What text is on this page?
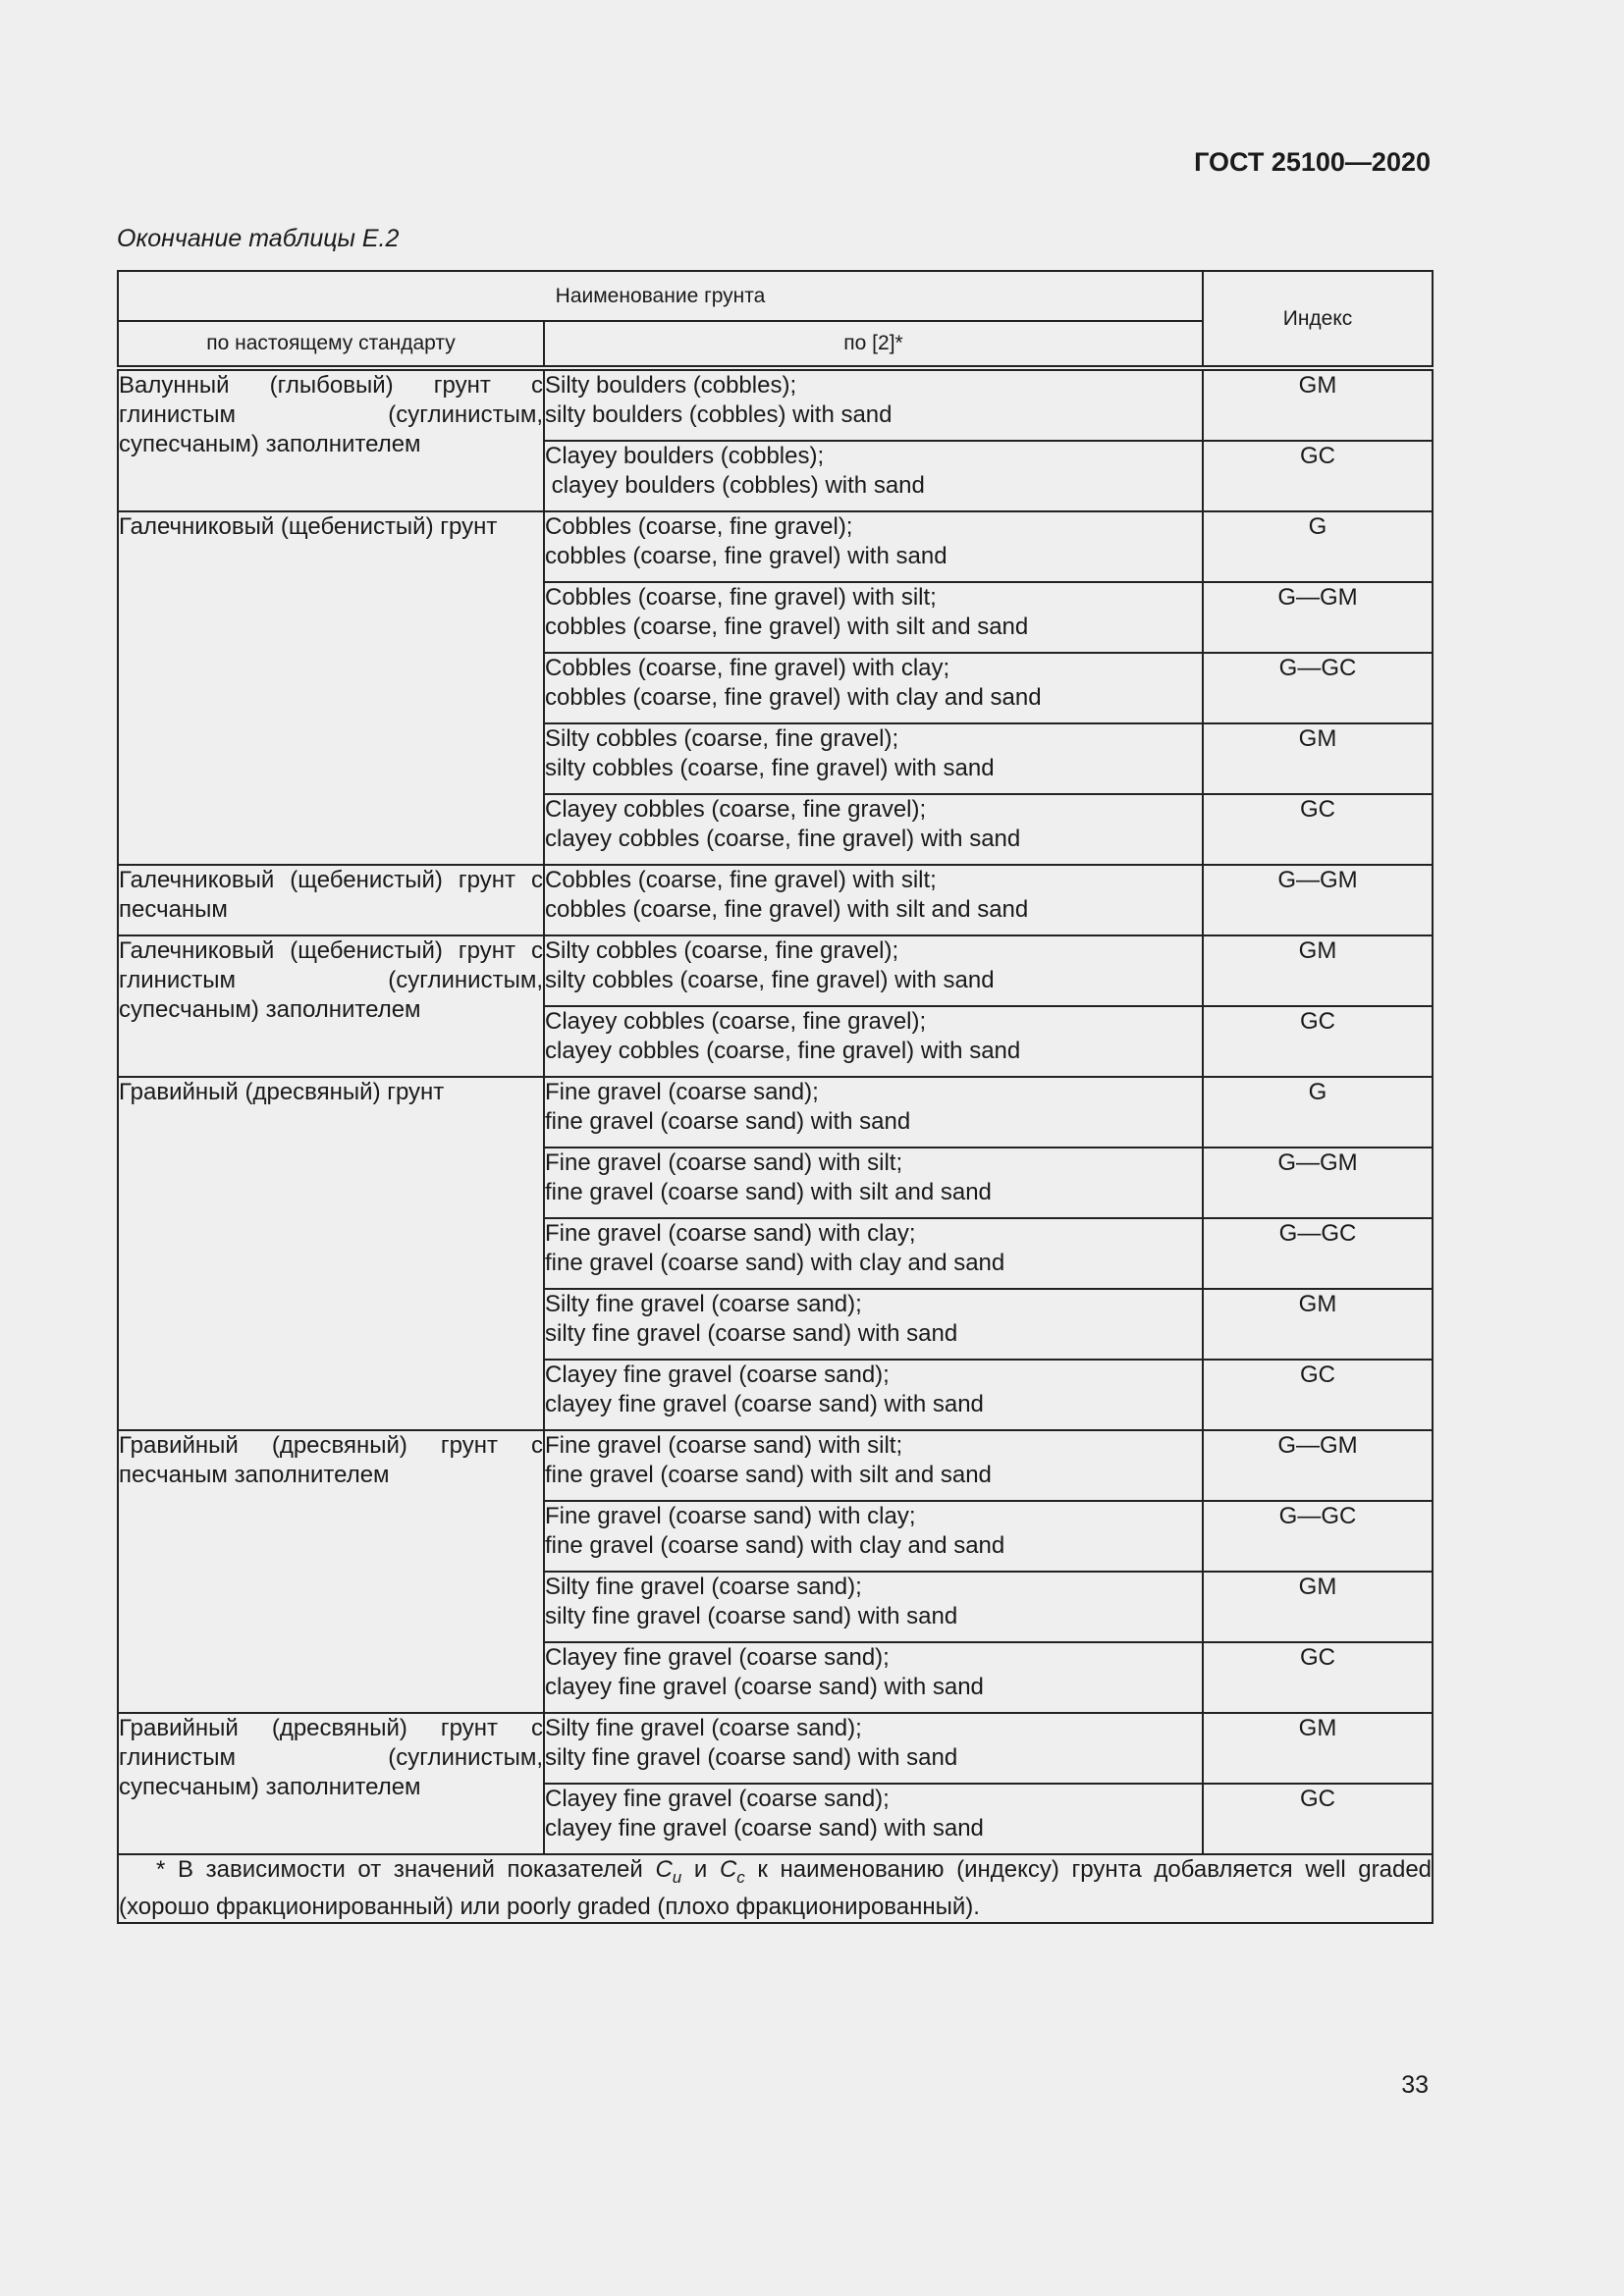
ГОСТ 25100—2020
Окончание таблицы Е.2
Наименование грунта		Индекс
по настоящему стандарту	по [2]*	
Валунный (глыбовый) грунт с глинистым (суглинистым, супесчаным) заполнителем	Silty boulders (cobbles);
silty boulders (cobbles) with sand	GM
	Clayey boulders (cobbles);
clayey boulders (cobbles) with sand	GC
Галечниковый (щебенистый) грунт	Cobbles (coarse, fine gravel);
cobbles (coarse, fine gravel) with sand	G
	Cobbles (coarse, fine gravel) with silt;
cobbles (coarse, fine gravel) with silt and sand	G—GM
	Cobbles (coarse, fine gravel) with clay;
cobbles (coarse, fine gravel) with clay and sand	G—GC
	Silty cobbles (coarse, fine gravel);
silty cobbles (coarse, fine gravel) with sand	GM
	Clayey cobbles (coarse, fine gravel);
clayey cobbles (coarse, fine gravel) with sand	GC
Галечниковый (щебенистый) грунт с песчаным	Cobbles (coarse, fine gravel) with silt;
cobbles (coarse, fine gravel) with silt and sand	G—GM
Галечниковый (щебенистый) грунт с глинистым (суглинистым, супесчаным) заполнителем	Silty cobbles (coarse, fine gravel);
silty cobbles (coarse, fine gravel) with sand	GM
	Clayey cobbles (coarse, fine gravel);
clayey cobbles (coarse, fine gravel) with sand	GC
Гравийный (дресвяный) грунт	Fine gravel (coarse sand);
fine gravel (coarse sand) with sand	G
	Fine gravel (coarse sand) with silt;
fine gravel (coarse sand) with silt and sand	G—GM
	Fine gravel (coarse sand) with clay;
fine gravel (coarse sand) with clay and sand	G—GC
	Silty fine gravel (coarse sand);
silty fine gravel (coarse sand) with sand	GM
	Clayey fine gravel (coarse sand);
clayey fine gravel (coarse sand) with sand	GC
Гравийный (дресвяный) грунт с песчаным заполнителем	Fine gravel (coarse sand) with silt;
fine gravel (coarse sand) with silt and sand	G—GM
	Fine gravel (coarse sand) with clay;
fine gravel (coarse sand) with clay and sand	G—GC
	Silty fine gravel (coarse sand);
silty fine gravel (coarse sand) with sand	GM
	Clayey fine gravel (coarse sand);
clayey fine gravel (coarse sand) with sand	GC
Гравийный (дресвяный) грунт с глинистым (суглинистым, супесчаным) заполнителем	Silty fine gravel (coarse sand);
silty fine gravel (coarse sand) with sand	GM
	Clayey fine gravel (coarse sand);
clayey fine gravel (coarse sand) with sand	GC
* В зависимости от значений показателей $C_u$ и $C_c$ к наименованию (индексу) грунта добавляется well graded (хорошо фракционированный) или poorly graded (плохо фракционированный).		
33
